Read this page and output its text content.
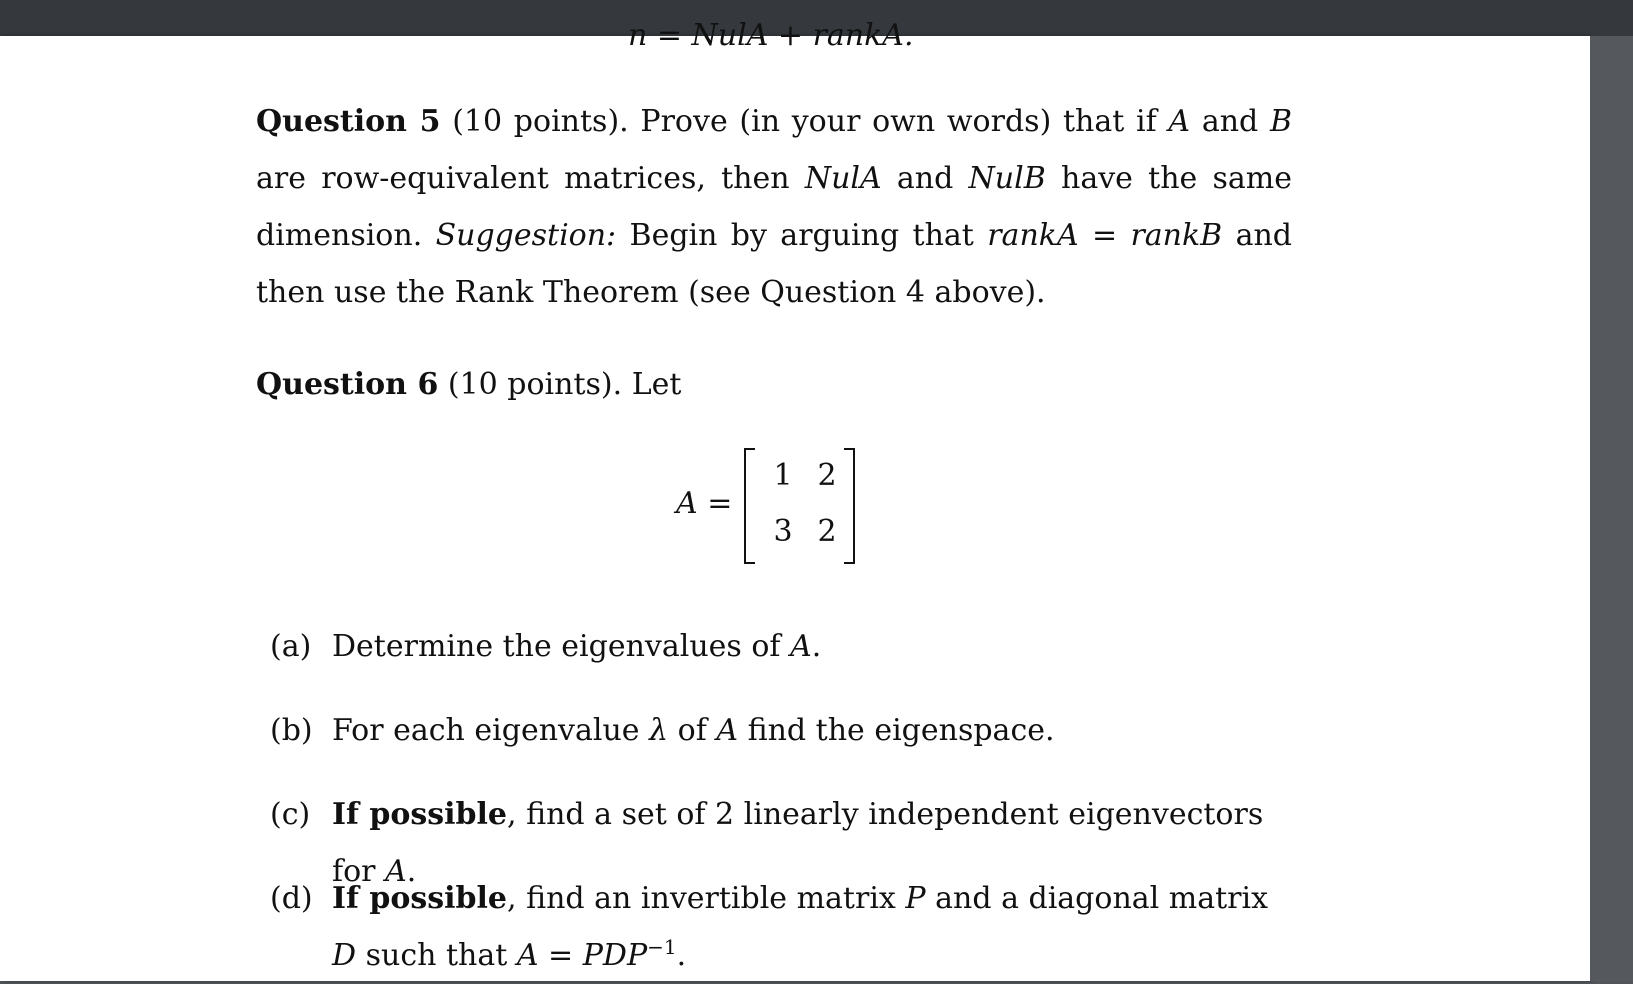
n = NulA + rankA.
Question 5 (10 points). Prove (in your own words) that if A and B are row-equivalent matrices, then NulA and NulB have the same dimension. Suggestion: Begin by arguing that rankA = rankB and then use the Rank Theorem (see Question 4 above).
Question 6 (10 points). Let
A =
1 2
3 2
(a) Determine the eigenvalues of A.
(b) For each eigenvalue λ of A find the eigenspace.
(c) If possible, find a set of 2 linearly independent eigenvectors for A.
(d) If possible, find an invertible matrix P and a diagonal matrix D such that $A = PDP^{-1}$.
